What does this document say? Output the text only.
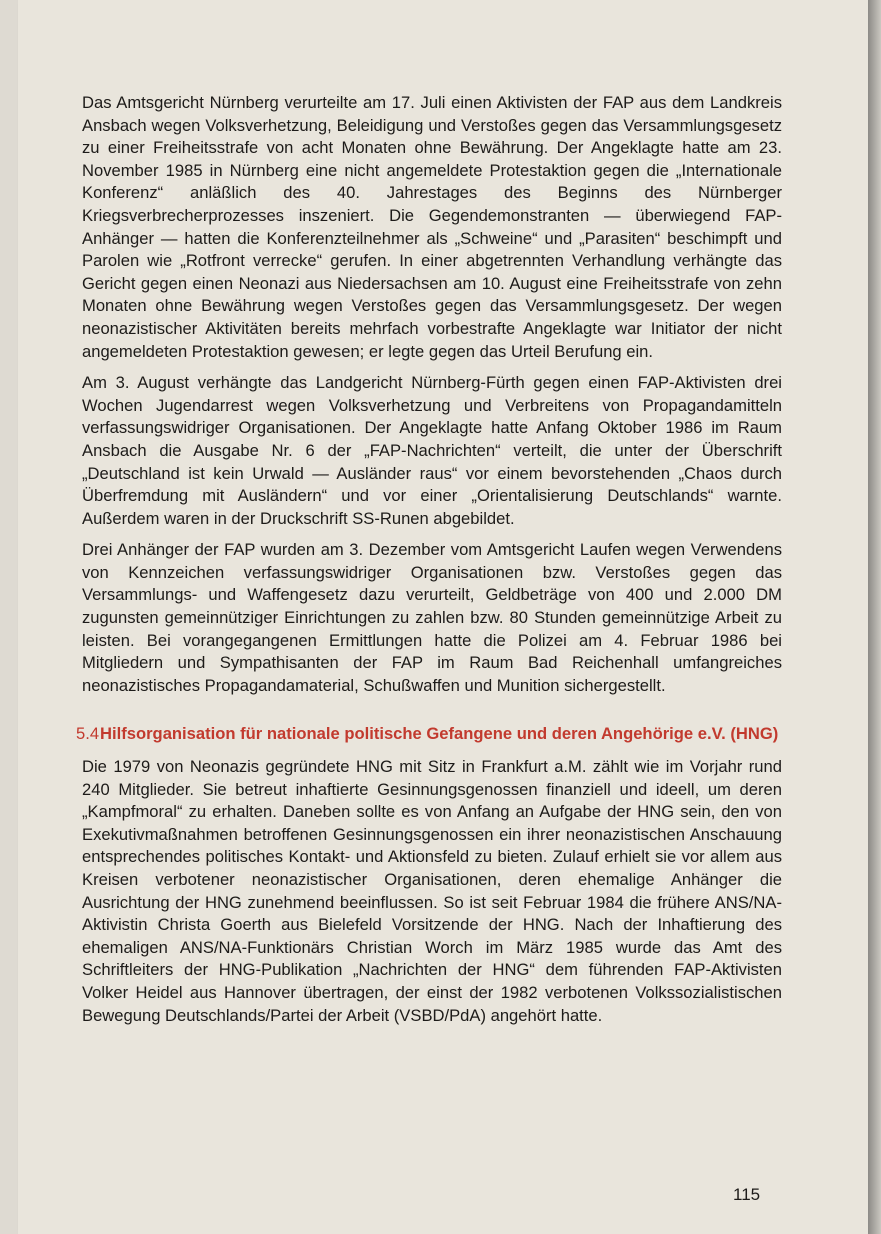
Das Amtsgericht Nürnberg verurteilte am 17. Juli einen Aktivisten der FAP aus dem Landkreis Ansbach wegen Volksverhetzung, Beleidigung und Verstoßes gegen das Versammlungsgesetz zu einer Freiheitsstrafe von acht Monaten ohne Bewährung. Der Angeklagte hatte am 23. November 1985 in Nürnberg eine nicht angemeldete Protestaktion gegen die „Internationale Konferenz“ anläßlich des 40. Jahrestages des Beginns des Nürnberger Kriegsverbrecherprozesses inszeniert. Die Gegendemonstranten — überwiegend FAP-Anhänger — hatten die Konferenzteilnehmer als „Schweine“ und „Parasiten“ beschimpft und Parolen wie „Rotfront verrecke“ gerufen. In einer abgetrennten Verhandlung verhängte das Gericht gegen einen Neonazi aus Niedersachsen am 10. August eine Freiheitsstrafe von zehn Monaten ohne Bewährung wegen Verstoßes gegen das Versammlungsgesetz. Der wegen neonazistischer Aktivitäten bereits mehrfach vorbestrafte Angeklagte war Initiator der nicht angemeldeten Protestaktion gewesen; er legte gegen das Urteil Berufung ein.

Am 3. August verhängte das Landgericht Nürnberg-Fürth gegen einen FAP-Aktivisten drei Wochen Jugendarrest wegen Volksverhetzung und Verbreitens von Propagandamitteln verfassungswidriger Organisationen. Der Angeklagte hatte Anfang Oktober 1986 im Raum Ansbach die Ausgabe Nr. 6 der „FAP-Nachrichten“ verteilt, die unter der Überschrift „Deutschland ist kein Urwald — Ausländer raus“ vor einem bevorstehenden „Chaos durch Überfremdung mit Ausländern“ und vor einer „Orientalisierung Deutschlands“ warnte. Außerdem waren in der Druckschrift SS-Runen abgebildet.

Drei Anhänger der FAP wurden am 3. Dezember vom Amtsgericht Laufen wegen Verwendens von Kennzeichen verfassungswidriger Organisationen bzw. Verstoßes gegen das Versammlungs- und Waffengesetz dazu verurteilt, Geldbeträge von 400 und 2.000 DM zugunsten gemeinnütziger Einrichtungen zu zahlen bzw. 80 Stunden gemeinnützige Arbeit zu leisten. Bei vorangegangenen Ermittlungen hatte die Polizei am 4. Februar 1986 bei Mitgliedern und Sympathisanten der FAP im Raum Bad Reichenhall umfangreiches neonazistisches Propagandamaterial, Schußwaffen und Munition sichergestellt.

5.4 Hilfsorganisation für nationale politische Gefangene und deren Angehörige e.V. (HNG)

Die 1979 von Neonazis gegründete HNG mit Sitz in Frankfurt a.M. zählt wie im Vorjahr rund 240 Mitglieder. Sie betreut inhaftierte Gesinnungsgenossen finanziell und ideell, um deren „Kampfmoral“ zu erhalten. Daneben sollte es von Anfang an Aufgabe der HNG sein, den von Exekutivmaßnahmen betroffenen Gesinnungsgenossen ein ihrer neonazistischen Anschauung entsprechendes politisches Kontakt- und Aktionsfeld zu bieten. Zulauf erhielt sie vor allem aus Kreisen verbotener neonazistischer Organisationen, deren ehemalige Anhänger die Ausrichtung der HNG zunehmend beeinflussen. So ist seit Februar 1984 die frühere ANS/NA-Aktivistin Christa Goerth aus Bielefeld Vorsitzende der HNG. Nach der Inhaftierung des ehemaligen ANS/NA-Funktionärs Christian Worch im März 1985 wurde das Amt des Schriftleiters der HNG-Publikation „Nachrichten der HNG“ dem führenden FAP-Aktivisten Volker Heidel aus Hannover übertragen, der einst der 1982 verbotenen Volkssozialistischen Bewegung Deutschlands/Partei der Arbeit (VSBD/PdA) angehört hatte.

115
